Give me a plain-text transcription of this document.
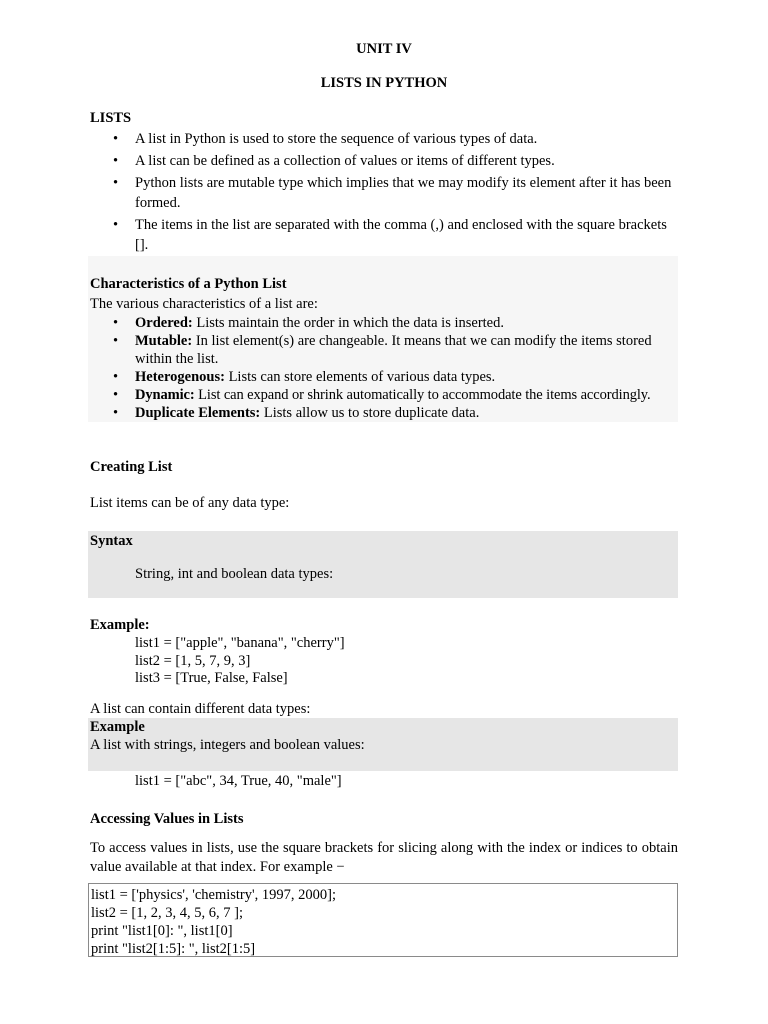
UNIT IV
LISTS IN PYTHON
LISTS
• A list in Python is used to store the sequence of various types of data.
• A list can be defined as a collection of values or items of different types.
• Python lists are mutable type which implies that we may modify its element after it has been formed.
• The items in the list are separated with the comma (,) and enclosed with the square brackets [].
Characteristics of a Python List
The various characteristics of a list are:
• Ordered: Lists maintain the order in which the data is inserted.
• Mutable: In list element(s) are changeable. It means that we can modify the items stored within the list.
• Heterogenous: Lists can store elements of various data types.
• Dynamic: List can expand or shrink automatically to accommodate the items accordingly.
• Duplicate Elements: Lists allow us to store duplicate data.
Creating List
List items can be of any data type:
Syntax
String, int and boolean data types:
Example:
list1 = ["apple", "banana", "cherry"]
list2 = [1, 5, 7, 9, 3]
list3 = [True, False, False]
A list can contain different data types:
Example
A list with strings, integers and boolean values:
list1 = ["abc", 34, True, 40, "male"]
Accessing Values in Lists
To access values in lists, use the square brackets for slicing along with the index or indices to obtain value available at that index. For example −
list1 = ['physics', 'chemistry', 1997, 2000];
list2 = [1, 2, 3, 4, 5, 6, 7 ];
print "list1[0]: ", list1[0]
print "list2[1:5]: ", list2[1:5]
